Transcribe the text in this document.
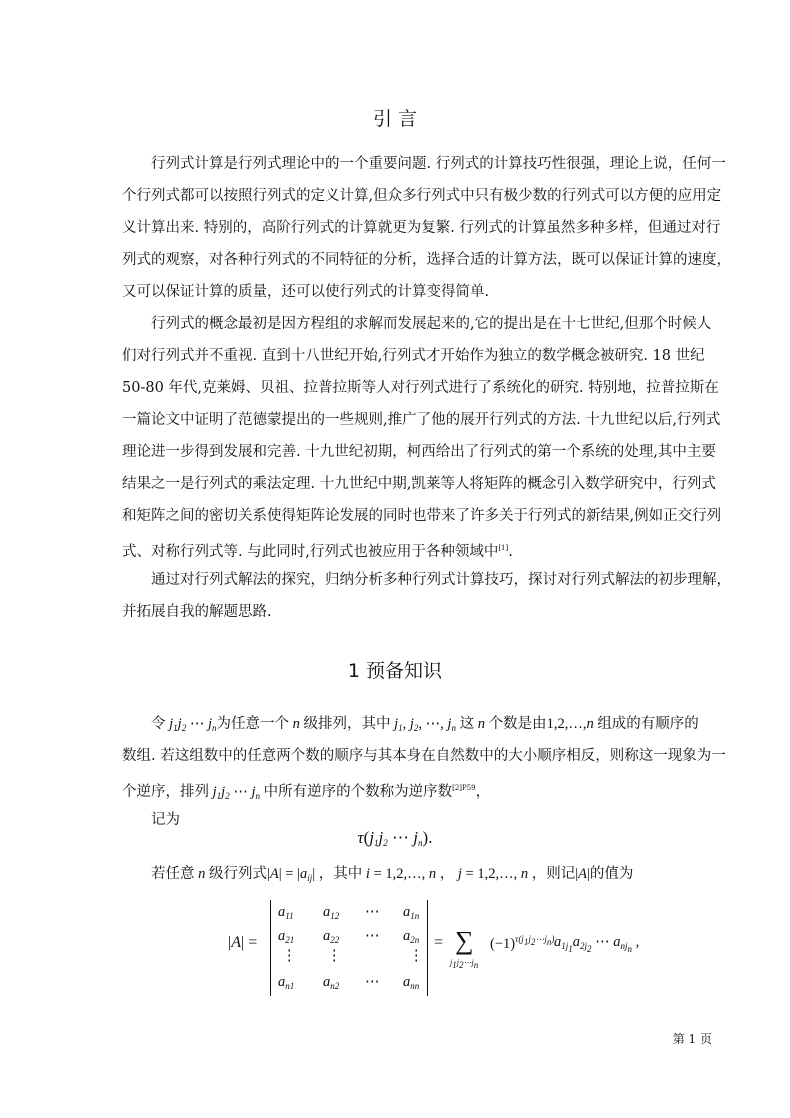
引 言
行列式计算是行列式理论中的一个重要问题. 行列式的计算技巧性很强，理论上说，任何一
个行列式都可以按照行列式的定义计算,但众多行列式中只有极少数的行列式可以方便的应用定
义计算出来. 特别的，高阶行列式的计算就更为复繁. 行列式的计算虽然多种多样，但通过对行
列式的观察，对各种行列式的不同特征的分析，选择合适的计算方法，既可以保证计算的速度，
又可以保证计算的质量，还可以使行列式的计算变得简单.
行列式的概念最初是因方程组的求解而发展起来的,它的提出是在十七世纪,但那个时候人
们对行列式并不重视. 直到十八世纪开始,行列式才开始作为独立的数学概念被研究. 18 世纪
50-80 年代,克莱姆、贝祖、拉普拉斯等人对行列式进行了系统化的研究. 特别地，拉普拉斯在
一篇论文中证明了范德蒙提出的一些规则,推广了他的展开行列式的方法. 十九世纪以后,行列式
理论进一步得到发展和完善. 十九世纪初期，柯西给出了行列式的第一个系统的处理,其中主要
结果之一是行列式的乘法定理. 十九世纪中期,凯莱等人将矩阵的概念引入数学研究中，行列式
和矩阵之间的密切关系使得矩阵论发展的同时也带来了许多关于行列式的新结果,例如正交行列
式、对称行列式等. 与此同时,行列式也被应用于各种领域中[1].
通过对行列式解法的探究，归纳分析多种行列式计算技巧，探讨对行列式解法的初步理解，
并拓展自我的解题思路.
1 预备知识
令 $j_1j_2$ ⋯ $j_n$为任意一个 n 级排列，其中 $j_1$, $j_2$, ⋯, $j_n$ 这 n 个数是由1,2,…,n 组成的有顺序的
数组. 若这组数中的任意两个数的顺序与其本身在自然数中的大小顺序相反，则称这一现象为一
个逆序，排列 $j_1j_2$ ⋯ $j_n$ 中所有逆序的个数称为逆序数$^{[2]P59}$，
记为
$\tau(j_1j_2$ ⋯ $j_n$).
若任意 n 级行列式$|A| = |a_{ij}|$ ，其中 i = 1,2,…, n ， j = 1,2,…, n ，则记|A|的值为
|A| =
$a_{11}$ $a_{12}$ ⋯ $a_{1n}$
$a_{21}$ $a_{22}$ ⋯ $a_{2n}$
⋮ ⋮	⋮
$a_{n1}$ $a_{n2}$ ⋯ $a_{nn}$
= ∑
$j_1j_2\cdots j_n$
$(-1)^{\tau(j_1j_2\cdots j_n)}$ $a_{1j_1}a_{2j_2}$ ⋯ $a_{nj_n}$ ,
第 1 页
